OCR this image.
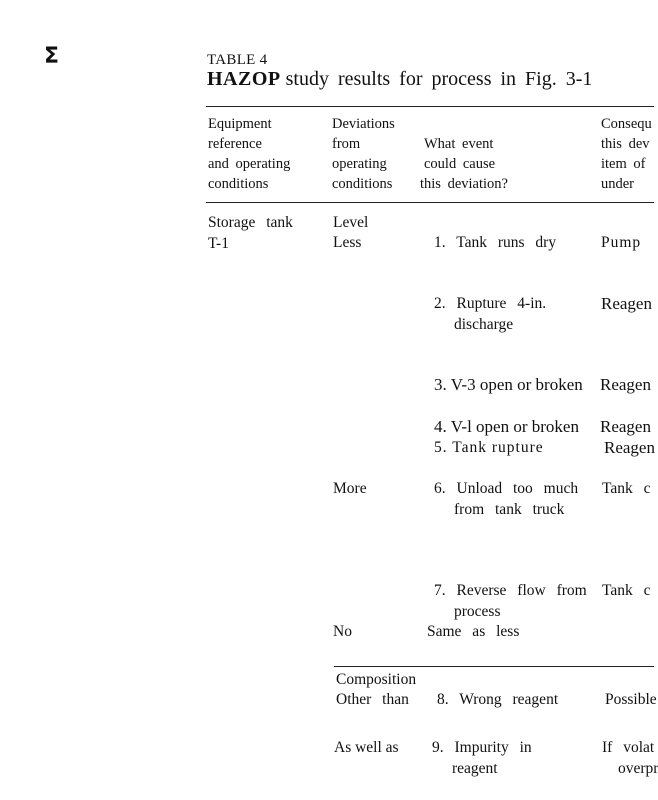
Σ	TABLE 4
HAZOP study results for process in Fig. 3-1
Equipment
reference
and operating
conditions
Deviations
from
operating
conditions
What event
could cause
this deviation?
Consequ
this dev
item of
under
Storage tank
T-1
Level
Less
More
No
Composition
Other than
As well as
1. Tank runs dry
2. Rupture 4-in.
discharge
3. V-3 open or broken
4. V-l open or broken
5. Tank rupture
6. Unload too much
from tank truck
7. Reverse flow from
process
Same as less
8. Wrong reagent
9. Impurity in
reagent
Pump
Reagen
Reagen
Reagen
Reagen
Tank c
Tank c
Possible
If volat
overpr
